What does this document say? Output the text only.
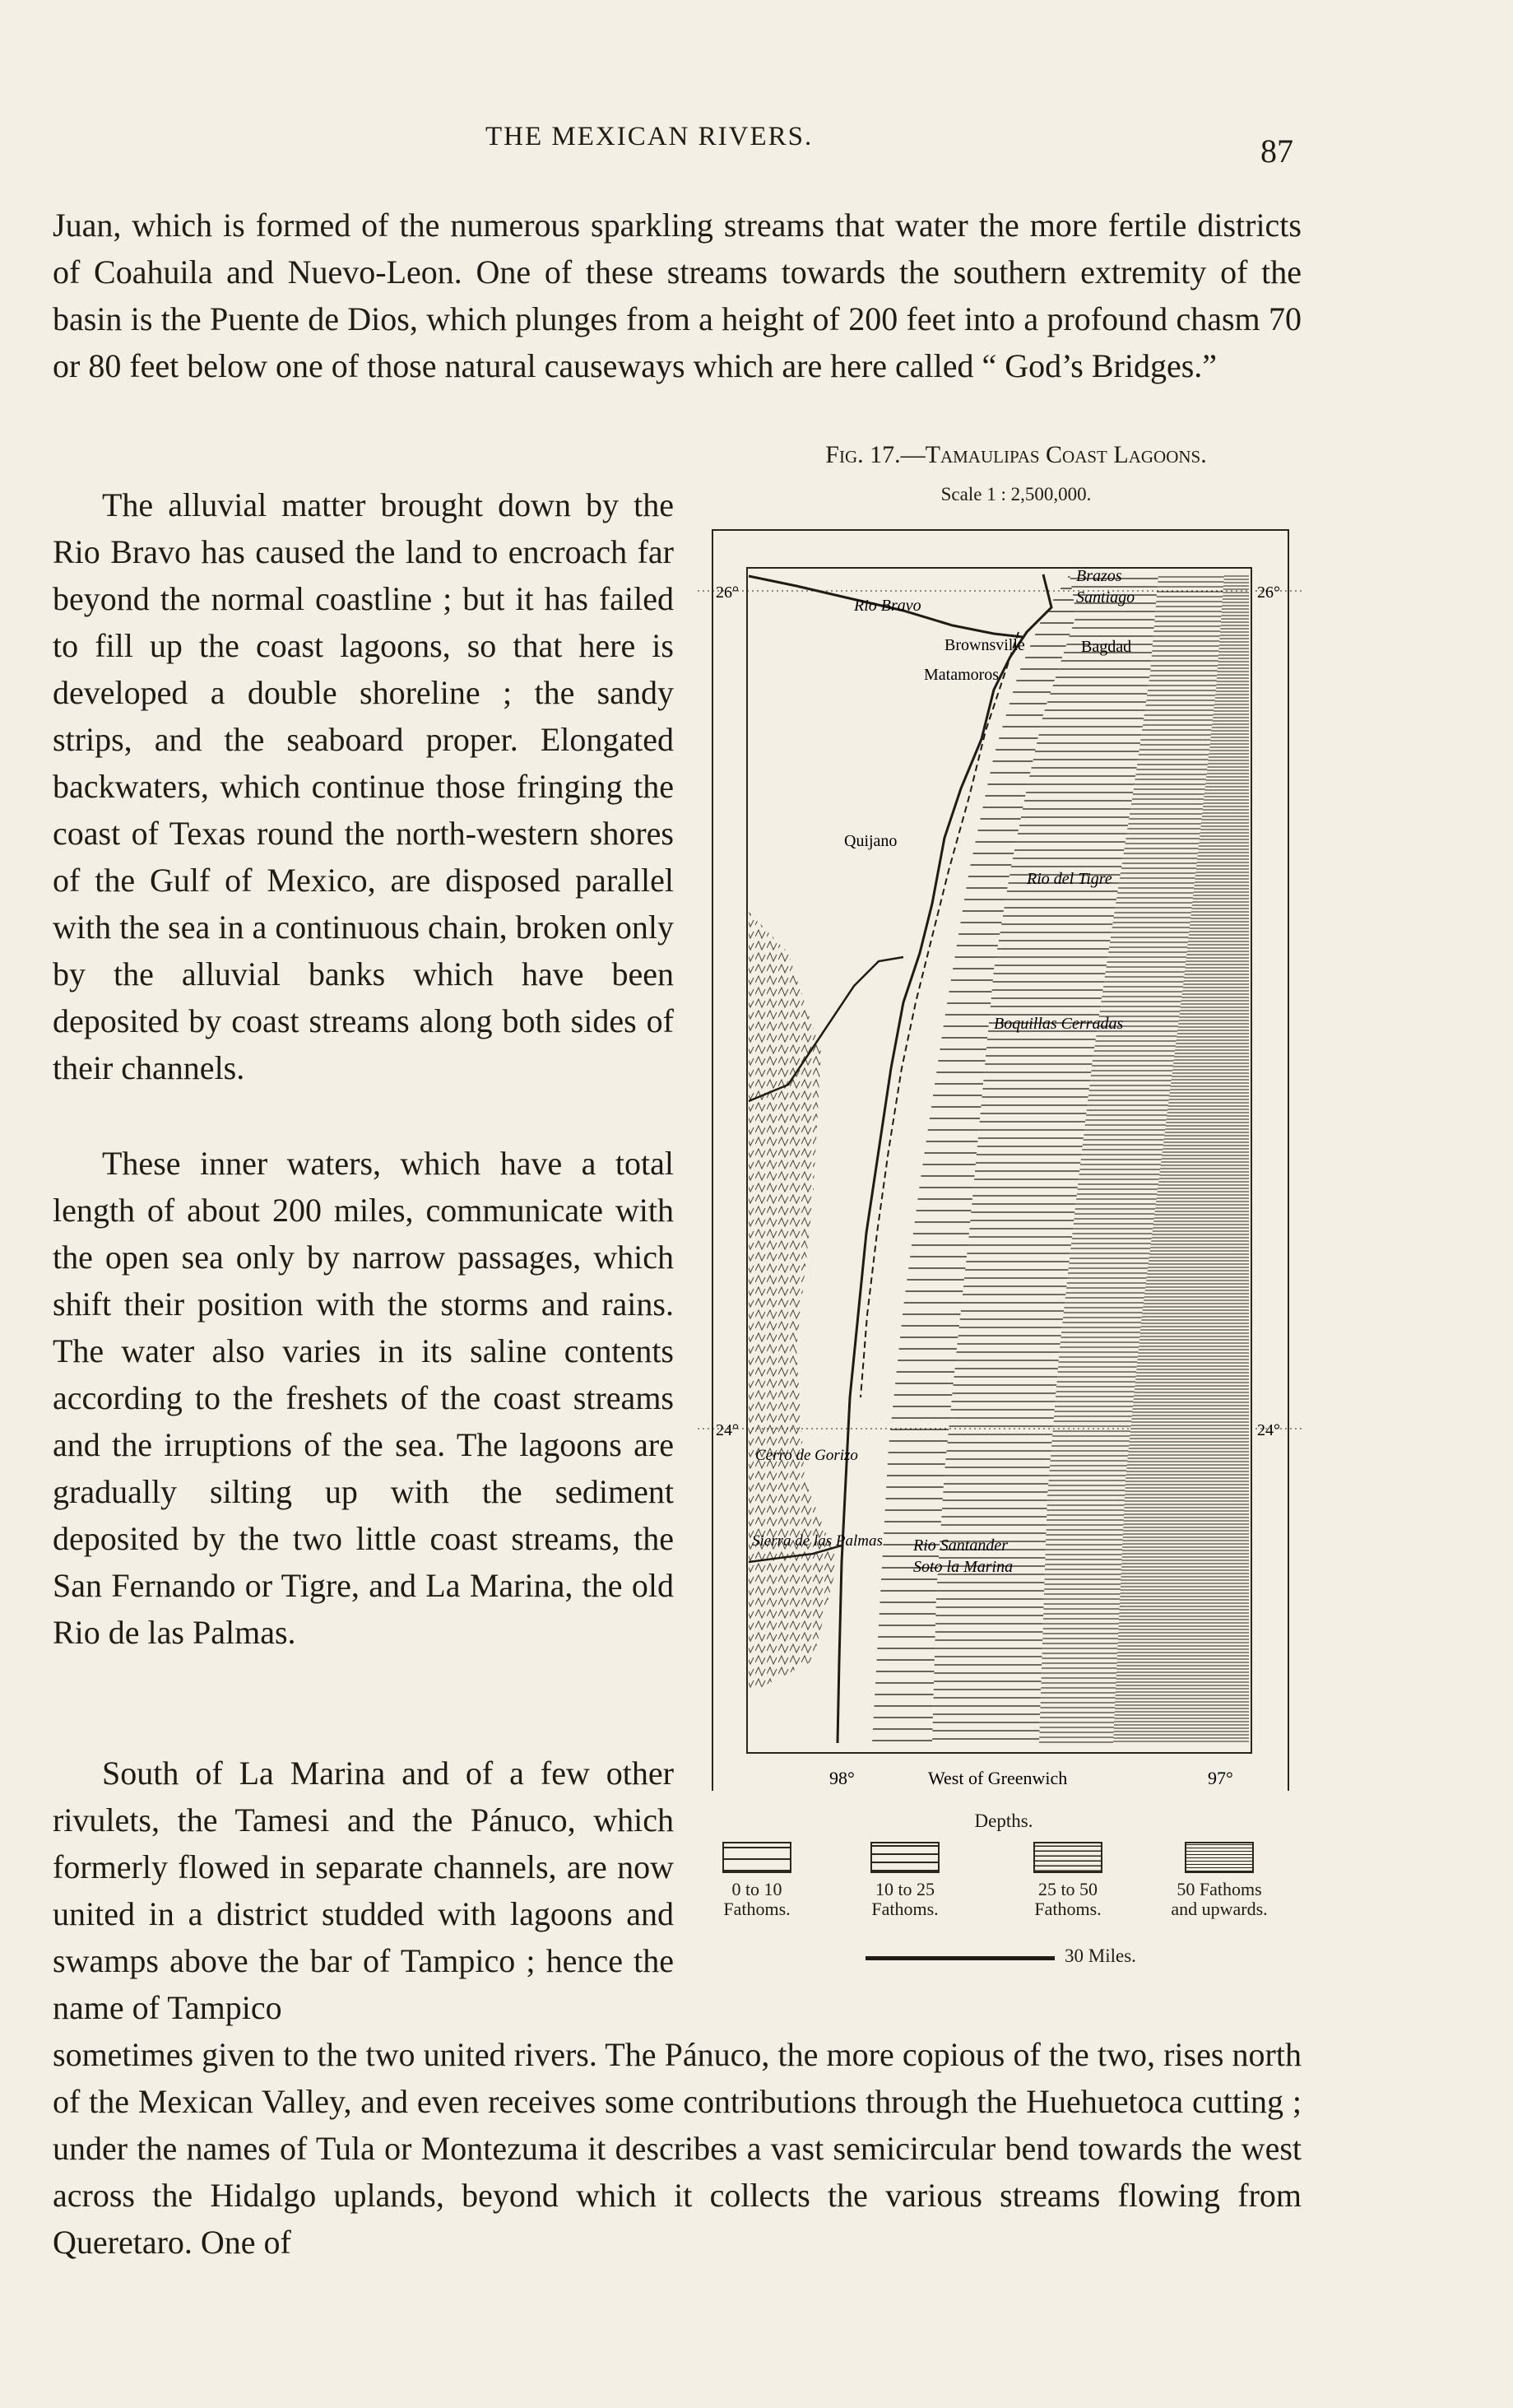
THE MEXICAN RIVERS.	87

Juan, which is formed of the numerous sparkling streams that water the more fertile districts of Coahuila and Nuevo-Leon. One of these streams towards the southern extremity of the basin is the Puente de Dios, which plunges from a height of 200 feet into a profound chasm 70 or 80 feet below one of those natural causeways which are here called “ God’s Bridges.”

The alluvial matter brought down by the Rio Bravo has caused the land to encroach far beyond the normal coastline ; but it has failed to fill up the coast lagoons, so that here is developed a double shoreline ; the sandy strips, and the seaboard proper. Elongated backwaters, which continue those fringing the coast of Texas round the north-western shores of the Gulf of Mexico, are disposed parallel with the sea in a continuous chain, broken only by the alluvial banks which have been deposited by coast streams along both sides of their channels.

These inner waters, which have a total length of about 200 miles, communicate with the open sea only by narrow passages, which shift their position with the storms and rains. The water also varies in its saline contents according to the freshets of the coast streams and the irruptions of the sea. The lagoons are gradually silting up with the sediment deposited by the two little coast streams, the San Fernando or Tigre, and La Marina, the old Rio de las Palmas.

South of La Marina and of a few other rivulets, the Tamesi and the Pánuco, which formerly flowed in separate channels, are now united in a district studded with lagoons and swamps above the bar of Tampico ; hence the name of Tampico

sometimes given to the two united rivers. The Pánuco, the more copious of the two, rises north of the Mexican Valley, and even receives some contributions through the Huehuetoca cutting ; under the names of Tula or Montezuma it describes a vast semicircular bend towards the west across the Hidalgo uplands, beyond which it collects the various streams flowing from Queretaro. One of

Fig. 17.—Tamaulipas Coast Lagoons.
Scale 1 : 2,500,000.
26°	26°
24°	24°
Brazos
Santiago
Rio Bravo
Brownsville	Bagdad
Matamoros
Quijano
Rio del Tigre
Boquillas Cerradas
Cerro de Gorizo
Sierra de las Palmas Rio Santander
Soto la Marina
98°	West of Greenwich	97°
Depths.
0 to 10
Fathoms.
10 to 25
Fathoms.
25 to 50
Fathoms.
50 Fathoms
and upwards.
30 Miles.
